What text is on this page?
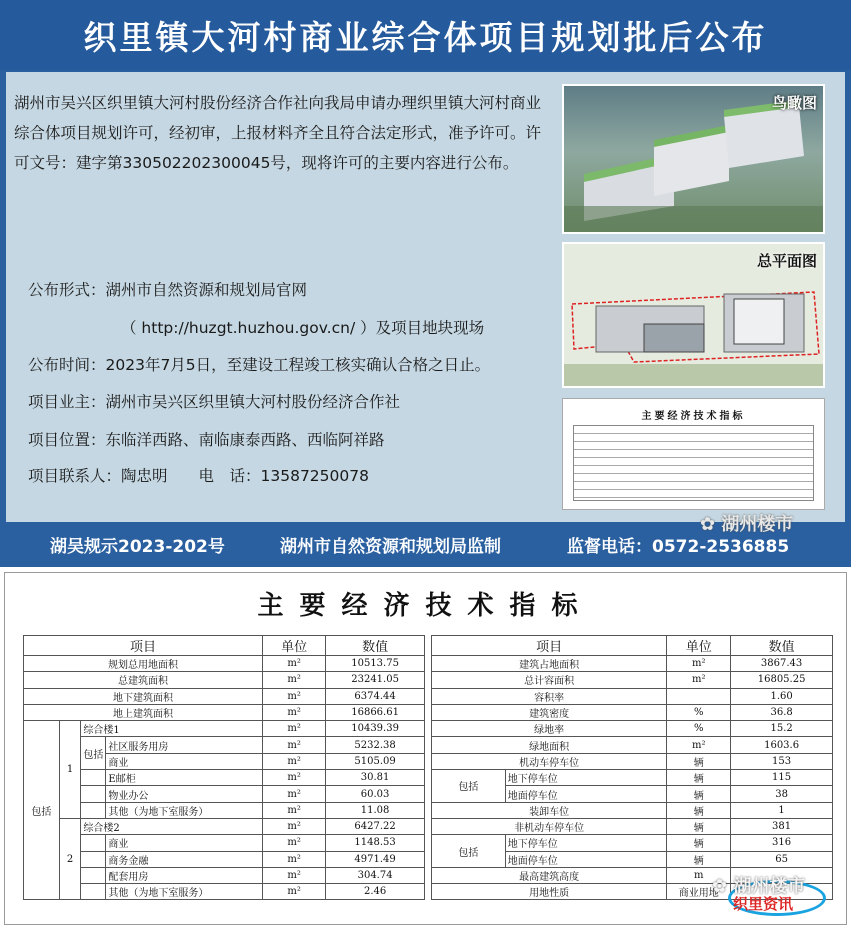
织里镇大河村商业综合体项目规划批后公布

湖州市吴兴区织里镇大河村股份经济合作社向我局申请办理织里镇大河村商业综合体项目规划许可，经初审，上报材料齐全且符合法定形式，准予许可。许可文号：建字第330502202300045号，现将许可的主要内容进行公布。

公布形式：湖州市自然资源和规划局官网
（ http://huzgt.huzhou.gov.cn/ ）及项目地块现场
公布时间：2023年7月5日，至建设工程竣工核实确认合格之日止。
项目业主：湖州市吴兴区织里镇大河村股份经济合作社
项目位置：东临洋西路、南临康泰西路、西临阿祥路
项目联系人：陶忠明　　电　话：13587250078
鸟瞰图
总平面图
主要经济技术指标
湖吴规示2023-202号	湖州市自然资源和规划局监制	监督电话：0572-2536885
✿ 湖州楼市
主要经济技术指标
项目				单位	数值
规划总用地面积				m²	10513.75
总建筑面积				m²	23241.05
地下建筑面积				m²	6374.44
地上建筑面积				m²	16866.61
包括	1	综合楼1		m²	10439.39
		包括	社区服务用房	m²	5232.38
			商业	m²	5105.09
			E邮柜	m²	30.81
			物业办公	m²	60.03
			其他（为地下室服务）	m²	11.08
	2	综合楼2		m²	6427.22
			商业	m²	1148.53
			商务金融	m²	4971.49
			配套用房	m²	304.74
			其他（为地下室服务）	m²	2.46
项目		单位	数值
建筑占地面积		m²	3867.43
总计容面积		m²	16805.25
容积率			1.60
建筑密度		%	36.8
绿地率		%	15.2
绿地面积		m²	1603.6
机动车停车位		辆	153
包括	地下停车位	辆	115
	地面停车位	辆	38
装卸车位		辆	1
非机动车停车位		辆	381
包括	地下停车位	辆	316
	地面停车位	辆	65
最高建筑高度		m	
用地性质		商业用地	
✿ 湖州楼市
织里资讯
